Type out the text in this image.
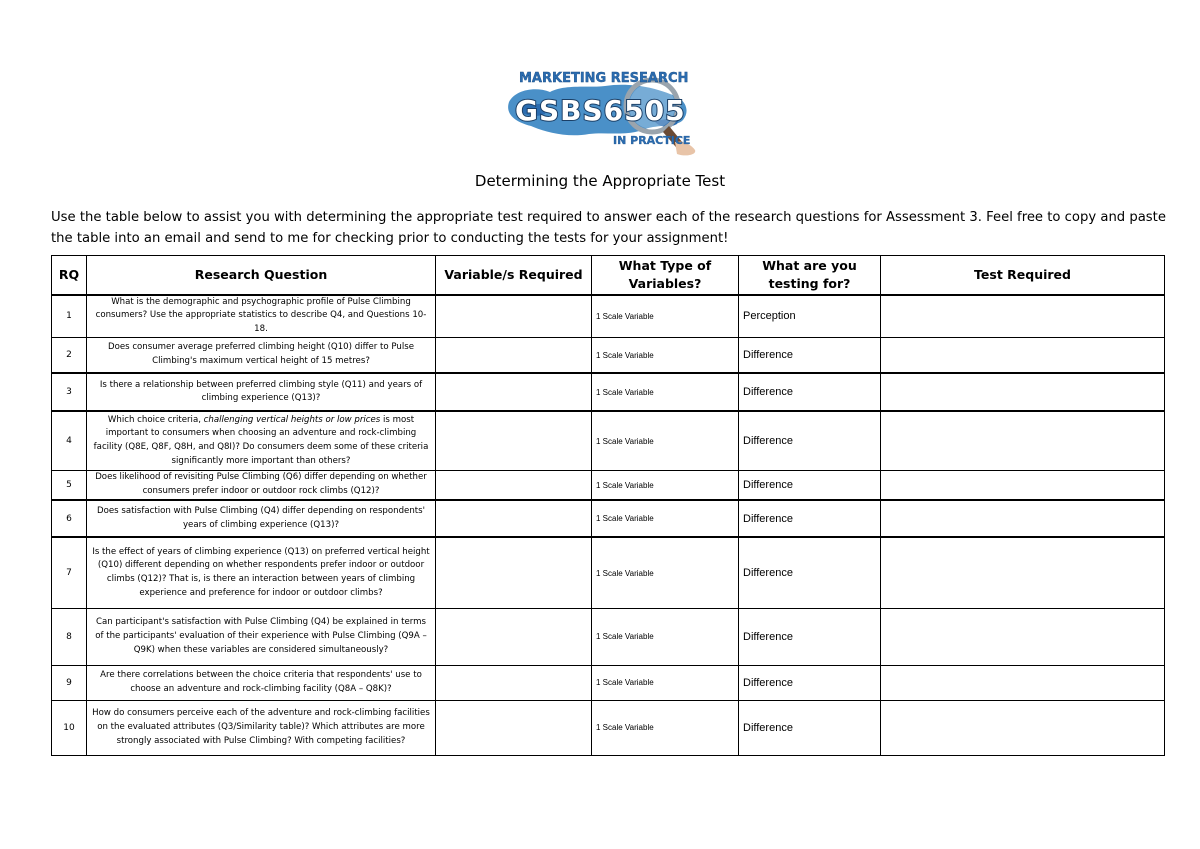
MARKETING RESEARCH
GSBS6505
IN PRACTICE
Determining the Appropriate Test
Use the table below to assist you with determining the appropriate test required to answer each of the research questions for Assessment 3. Feel free to copy and paste the table into an email and send to me for checking prior to conducting the tests for your assignment!
RQ	Research Question	Variable/s Required	What Type of Variables?	What are you testing for?	Test Required
1	What is the demographic and psychographic profile of Pulse Climbing consumers? Use the appropriate statistics to describe Q4, and Questions 10-18.		1 Scale Variable	Perception	
2	Does consumer average preferred climbing height (Q10) differ to Pulse Climbing's maximum vertical height of 15 metres?		1 Scale Variable	Difference	
3	Is there a relationship between preferred climbing style (Q11) and years of climbing experience (Q13)?		1 Scale Variable	Difference	
4	Which choice criteria, challenging vertical heights or low prices is most important to consumers when choosing an adventure and rock-climbing facility (Q8E, Q8F, Q8H, and Q8I)? Do consumers deem some of these criteria significantly more important than others?		1 Scale Variable	Difference	
5	Does likelihood of revisiting Pulse Climbing (Q6) differ depending on whether consumers prefer indoor or outdoor rock climbs (Q12)?		1 Scale Variable	Difference	
6	Does satisfaction with Pulse Climbing (Q4) differ depending on respondents' years of climbing experience (Q13)?		1 Scale Variable	Difference	
7	Is the effect of years of climbing experience (Q13) on preferred vertical height (Q10) different depending on whether respondents prefer indoor or outdoor climbs (Q12)? That is, is there an interaction between years of climbing experience and preference for indoor or outdoor climbs?		1 Scale Variable	Difference	
8	Can participant's satisfaction with Pulse Climbing (Q4) be explained in terms of the participants' evaluation of their experience with Pulse Climbing (Q9A – Q9K) when these variables are considered simultaneously?		1 Scale Variable	Difference	
9	Are there correlations between the choice criteria that respondents' use to choose an adventure and rock-climbing facility (Q8A – Q8K)?		1 Scale Variable	Difference	
10	How do consumers perceive each of the adventure and rock-climbing facilities on the evaluated attributes (Q3/Similarity table)? Which attributes are more strongly associated with Pulse Climbing? With competing facilities?		1 Scale Variable	Difference	
